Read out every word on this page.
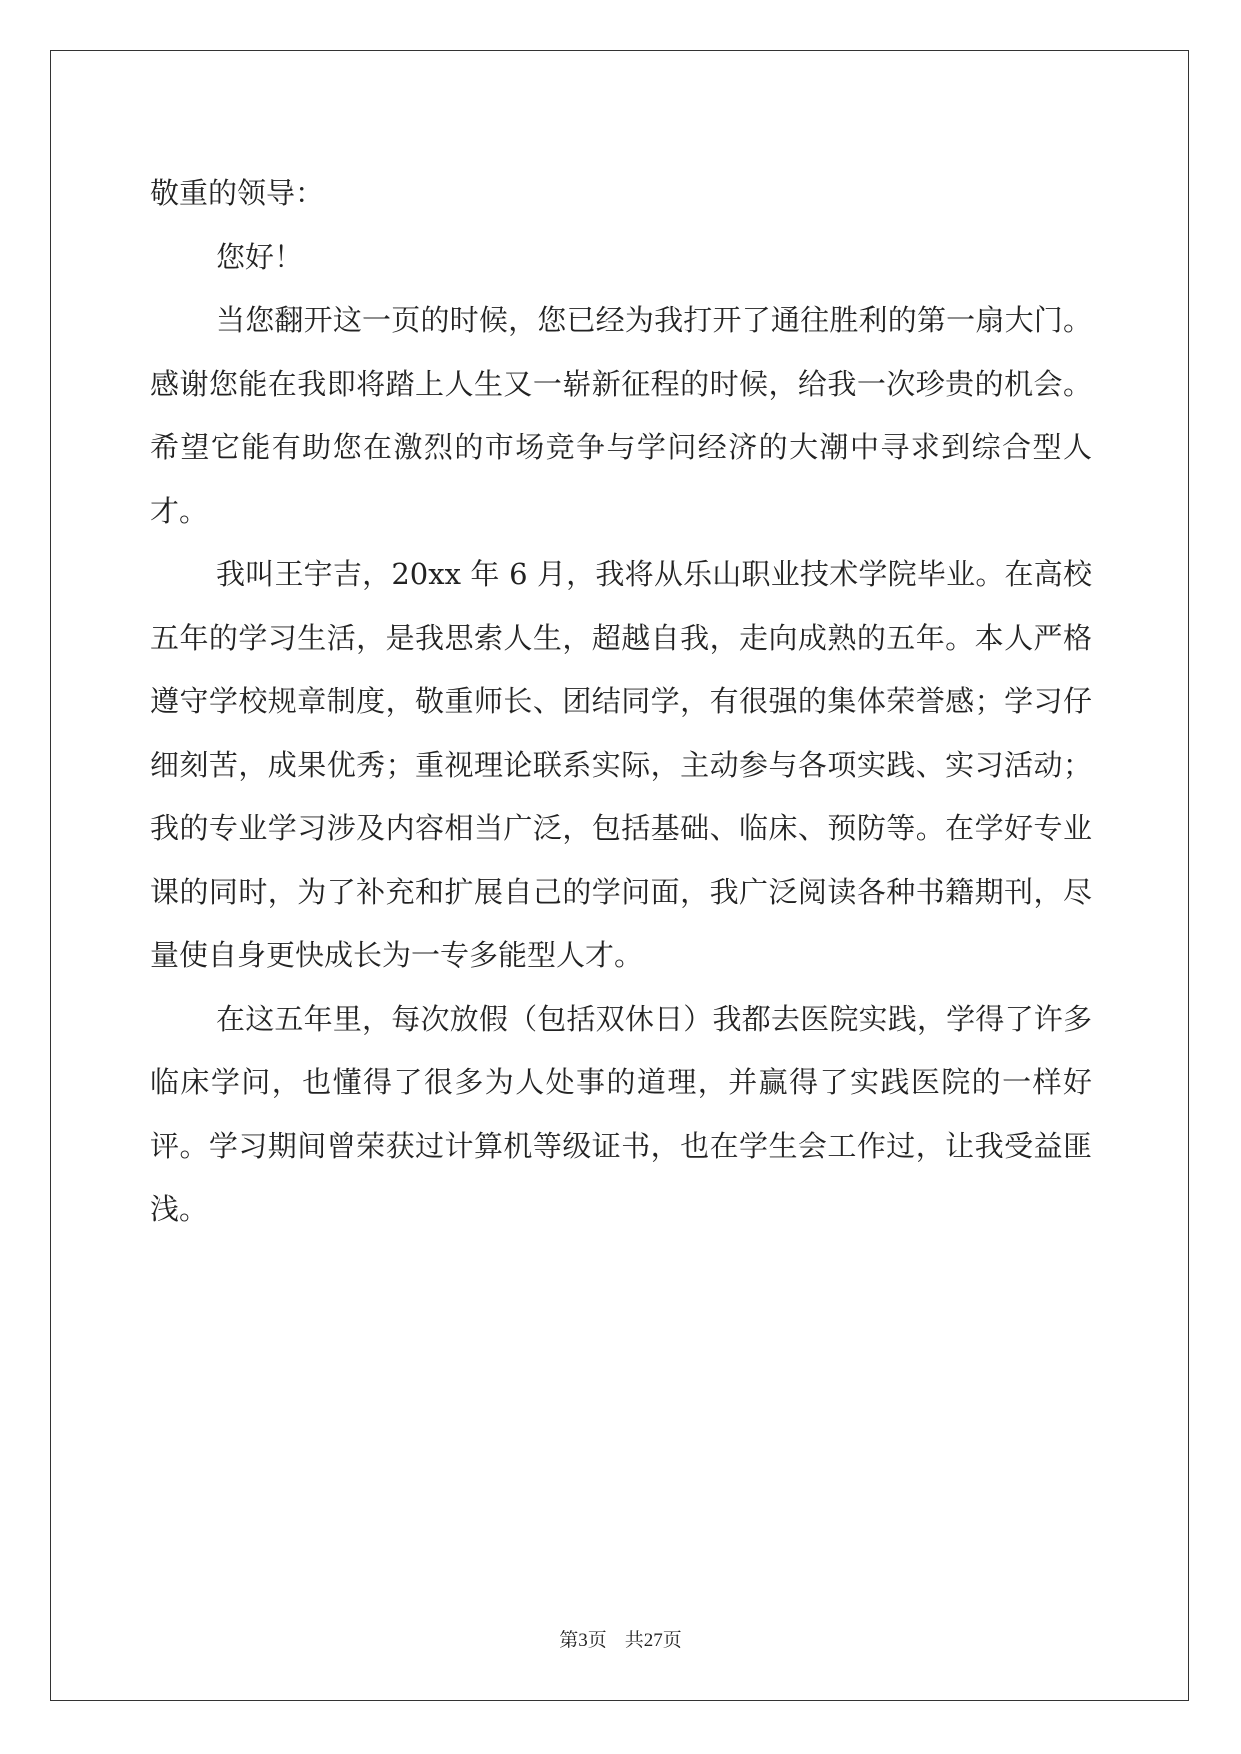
敬重的领导：

您好！

当您翻开这一页的时候，您已经为我打开了通往胜利的第一扇大门。感谢您能在我即将踏上人生又一崭新征程的时候，给我一次珍贵的机会。希望它能有助您在激烈的市场竞争与学问经济的大潮中寻求到综合型人才。

我叫王宇吉，20xx 年 6 月，我将从乐山职业技术学院毕业。在高校五年的学习生活，是我思索人生，超越自我，走向成熟的五年。本人严格遵守学校规章制度，敬重师长、团结同学，有很强的集体荣誉感；学习仔细刻苦，成果优秀；重视理论联系实际，主动参与各项实践、实习活动；我的专业学习涉及内容相当广泛，包括基础、临床、预防等。在学好专业课的同时，为了补充和扩展自己的学问面，我广泛阅读各种书籍期刊，尽量使自身更快成长为一专多能型人才。

在这五年里，每次放假（包括双休日）我都去医院实践，学得了许多临床学问，也懂得了很多为人处事的道理，并赢得了实践医院的一样好评。学习期间曾荣获过计算机等级证书，也在学生会工作过，让我受益匪浅。

第3页 共27页
